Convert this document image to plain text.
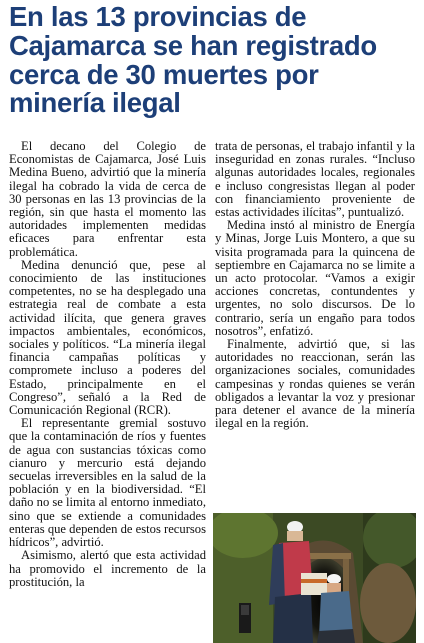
En las 13 provincias de Cajamarca se han registrado cerca de 30 muertes por minería ilegal

El decano del Colegio de Economistas de Cajamarca, José Luis Medina Bueno, advirtió que la minería ilegal ha cobrado la vida de cerca de 30 personas en las 13 provincias de la región, sin que hasta el momento las autoridades implementen medidas eficaces para enfrentar esta problemática.

Medina denunció que, pese al conocimiento de las instituciones competentes, no se ha desplegado una estrategia real de combate a esta actividad ilícita, que genera graves impactos ambientales, económicos, sociales y políticos. “La minería ilegal financia campañas políticas y compromete incluso a poderes del Estado, principalmente en el Congreso”, señaló a la Red de Comunicación Regional (RCR).

El representante gremial sostuvo que la contaminación de ríos y fuentes de agua con sustancias tóxicas como cianuro y mercurio está dejando secuelas irreversibles en la salud de la población y en la biodiversidad. “El daño no se limita al entorno inmediato, sino que se extiende a comunidades enteras que dependen de estos recursos hídricos”, advirtió.

Asimismo, alertó que esta actividad ha promovido el incremento de la prostitución, la

trata de personas, el trabajo infantil y la inseguridad en zonas rurales. “Incluso algunas autoridades locales, regionales e incluso congresistas llegan al poder con financiamiento proveniente de estas actividades ilícitas”, puntualizó.

Medina instó al ministro de Energía y Minas, Jorge Luis Montero, a que su visita programada para la quincena de septiembre en Cajamarca no se limite a un acto protocolar. “Vamos a exigir acciones concretas, contundentes y urgentes, no solo discursos. De lo contrario, sería un engaño para todos nosotros”, enfatizó.

Finalmente, advirtió que, si las autoridades no reaccionan, serán las organizaciones sociales, comunidades campesinas y rondas quienes se verán obligados a levantar la voz y presionar para detener el avance de la minería ilegal en la región.
